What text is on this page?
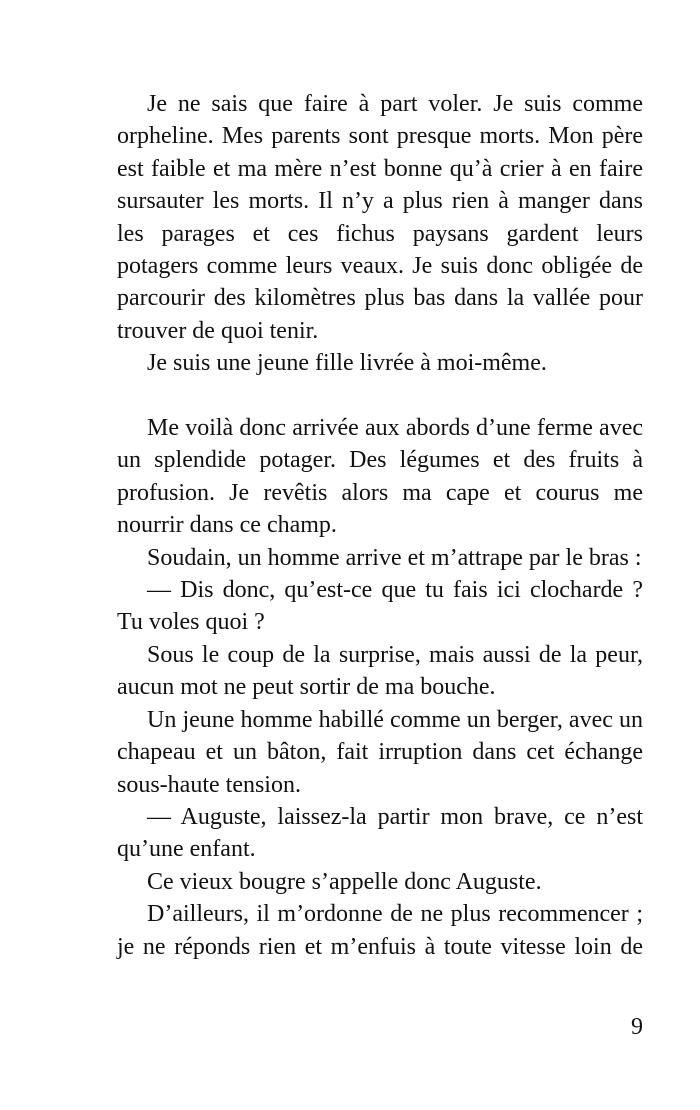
Je ne sais que faire à part voler. Je suis comme orpheline. Mes parents sont presque morts. Mon père est faible et ma mère n’est bonne qu’à crier à en faire sursauter les morts. Il n’y a plus rien à manger dans les parages et ces fichus paysans gardent leurs potagers comme leurs veaux. Je suis donc obligée de parcourir des kilomètres plus bas dans la vallée pour trouver de quoi tenir.

Je suis une jeune fille livrée à moi-même.

Me voilà donc arrivée aux abords d’une ferme avec un splendide potager. Des légumes et des fruits à profusion. Je revêtis alors ma cape et courus me nourrir dans ce champ.

Soudain, un homme arrive et m’attrape par le bras :

— Dis donc, qu’est-ce que tu fais ici clocharde ? Tu voles quoi ?

Sous le coup de la surprise, mais aussi de la peur, aucun mot ne peut sortir de ma bouche.

Un jeune homme habillé comme un berger, avec un chapeau et un bâton, fait irruption dans cet échange sous-haute tension.

— Auguste, laissez-la partir mon brave, ce n’est qu’une enfant.

Ce vieux bougre s’appelle donc Auguste.

D’ailleurs, il m’ordonne de ne plus recommencer ; je ne réponds rien et m’enfuis à toute vitesse loin de

9
